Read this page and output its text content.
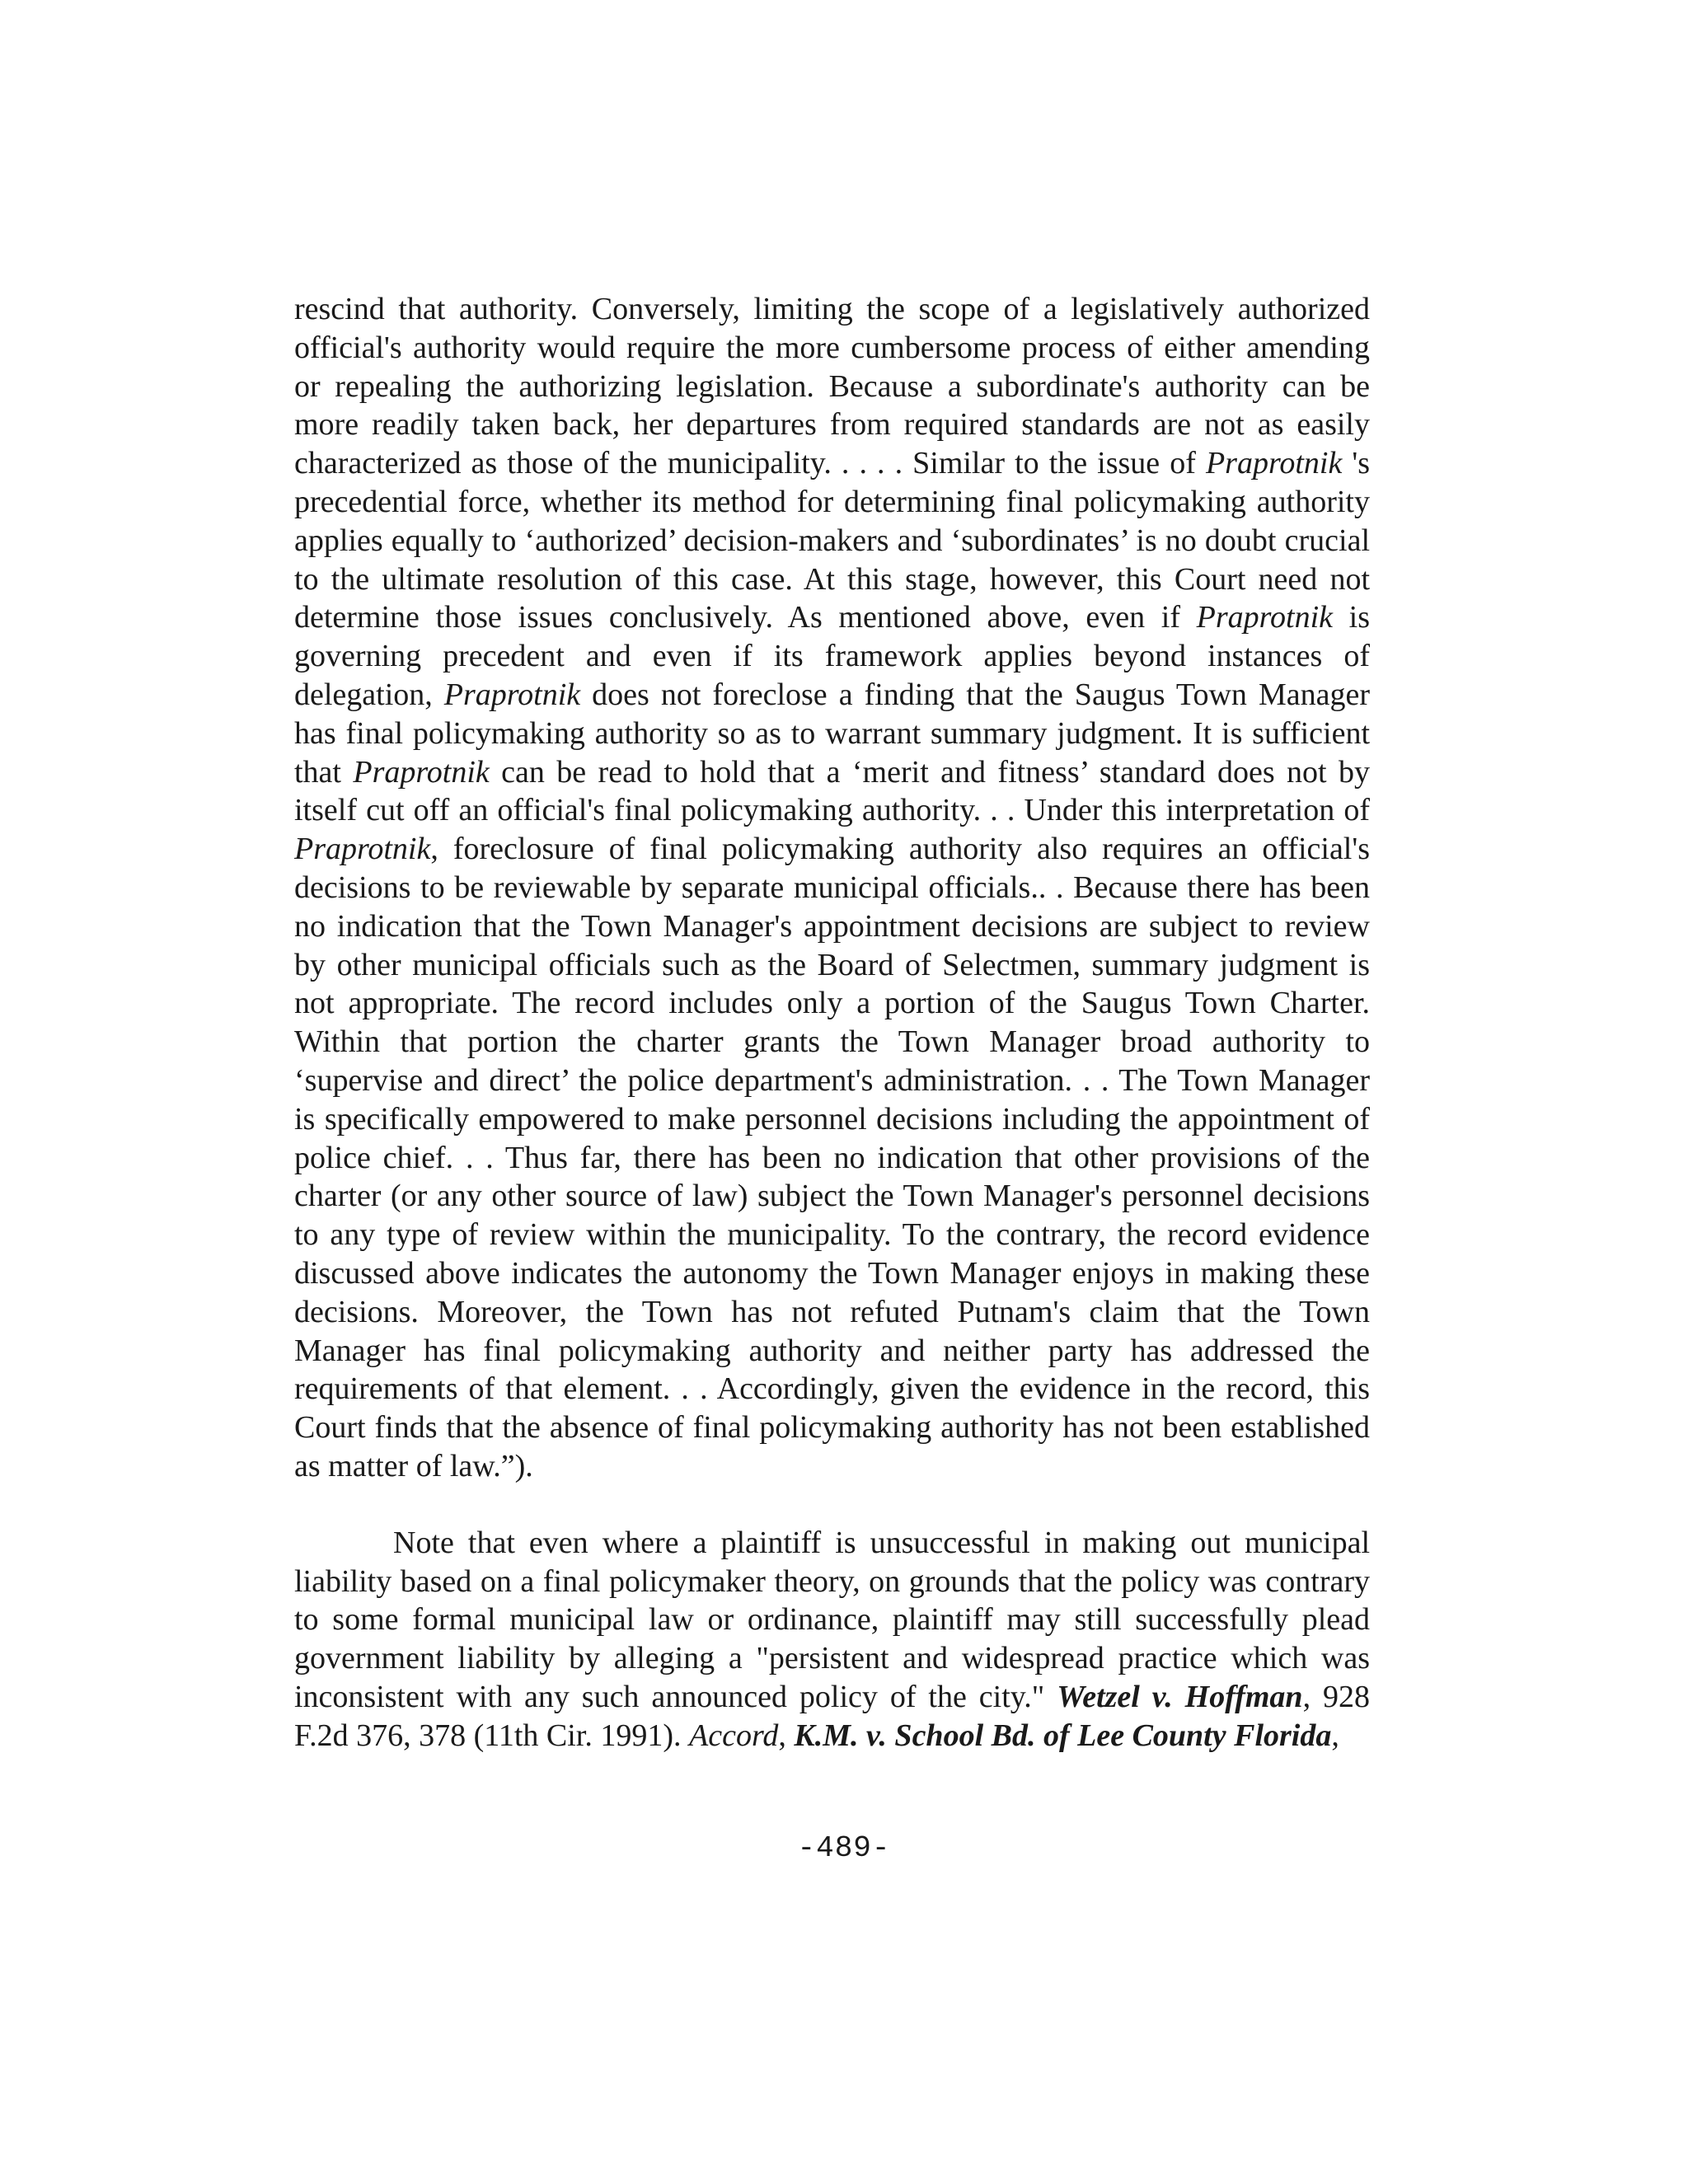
rescind that authority. Conversely, limiting the scope of a legislatively authorized official's authority would require the more cumbersome process of either amending or repealing the authorizing legislation. Because a subordinate's authority can be more readily taken back, her departures from required standards are not as easily characterized as those of the municipality. . . . . Similar to the issue of Praprotnik 's precedential force, whether its method for determining final policymaking authority applies equally to ‘authorized’ decision-makers and ‘subordinates’ is no doubt crucial to the ultimate resolution of this case. At this stage, however, this Court need not determine those issues conclusively. As mentioned above, even if Praprotnik is governing precedent and even if its framework applies beyond instances of delegation, Praprotnik does not foreclose a finding that the Saugus Town Manager has final policymaking authority so as to warrant summary judgment. It is sufficient that Praprotnik can be read to hold that a ‘merit and fitness’ standard does not by itself cut off an official's final policymaking authority. . . Under this interpretation of Praprotnik, foreclosure of final policymaking authority also requires an official's decisions to be reviewable by separate municipal officials.. . Because there has been no indication that the Town Manager's appointment decisions are subject to review by other municipal officials such as the Board of Selectmen, summary judgment is not appropriate. The record includes only a portion of the Saugus Town Charter. Within that portion the charter grants the Town Manager broad authority to ‘supervise and direct’ the police department's administration. . . The Town Manager is specifically empowered to make personnel decisions including the appointment of police chief. . . Thus far, there has been no indication that other provisions of the charter (or any other source of law) subject the Town Manager's personnel decisions to any type of review within the municipality. To the contrary, the record evidence discussed above indicates the autonomy the Town Manager enjoys in making these decisions. Moreover, the Town has not refuted Putnam's claim that the Town Manager has final policymaking authority and neither party has addressed the requirements of that element. . . Accordingly, given the evidence in the record, this Court finds that the absence of final policymaking authority has not been established as matter of law.”).

Note that even where a plaintiff is unsuccessful in making out municipal liability based on a final policymaker theory, on grounds that the policy was contrary to some formal municipal law or ordinance, plaintiff may still successfully plead government liability by alleging a "persistent and widespread practice which was inconsistent with any such announced policy of the city." Wetzel v. Hoffman, 928 F.2d 376, 378 (11th Cir. 1991). Accord, K.M. v. School Bd. of Lee County Florida,

-489-
